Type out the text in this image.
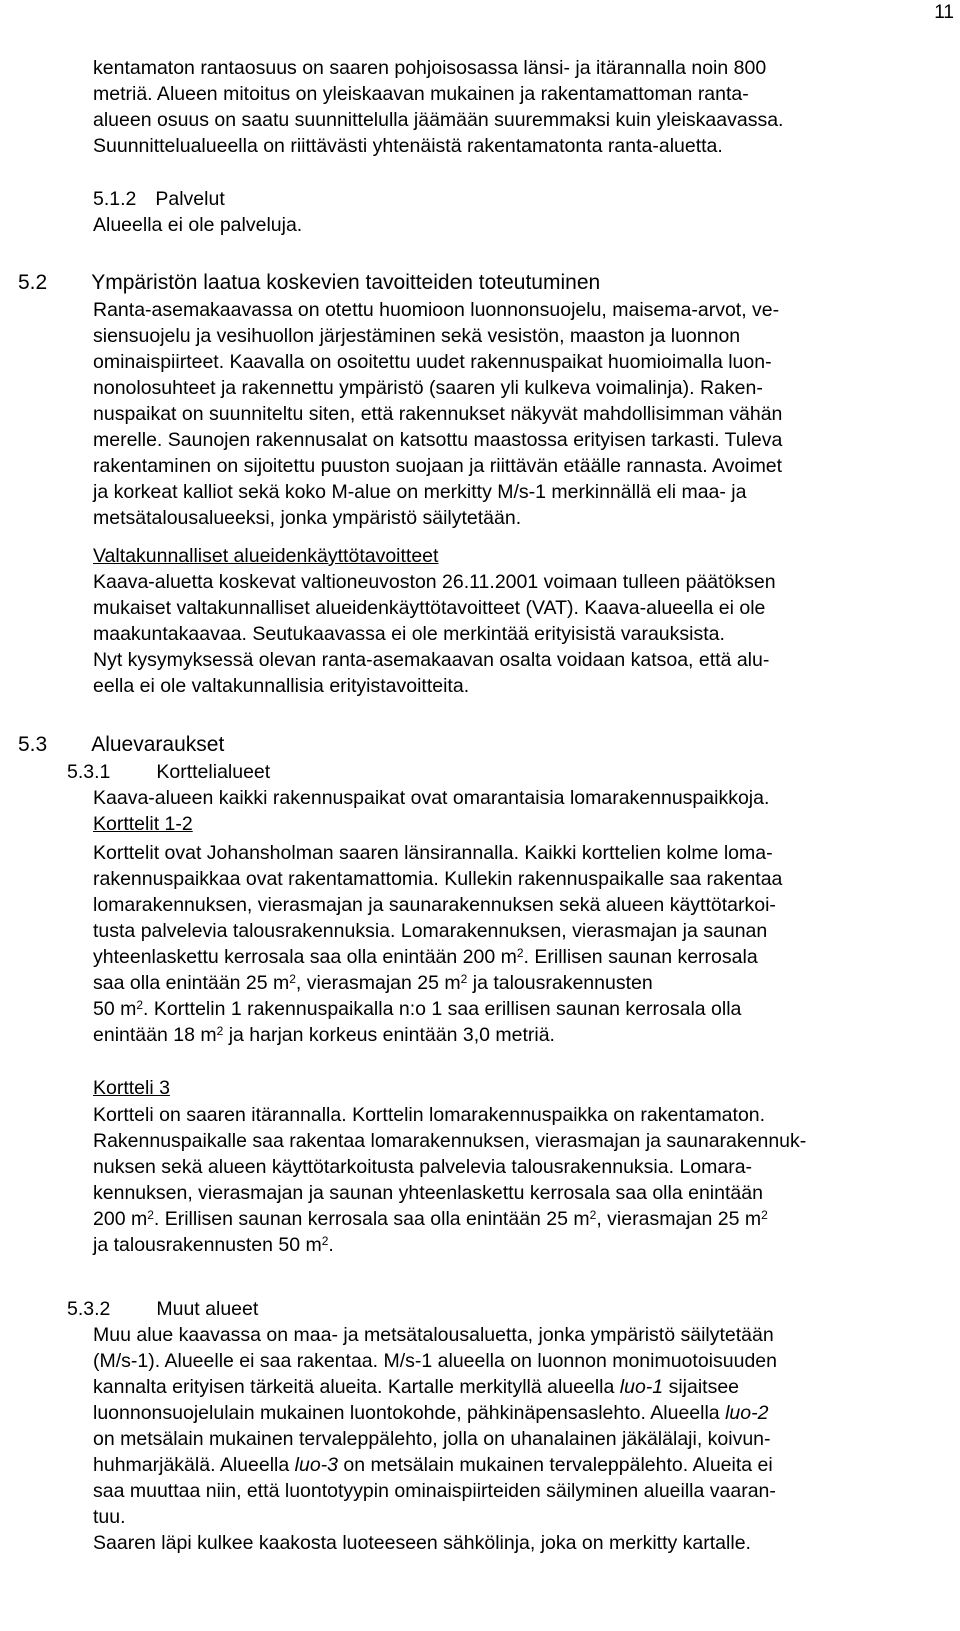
11
kentamaton rantaosuus on saaren pohjoisosassa länsi- ja itärannalla noin 800
metriä. Alueen mitoitus on yleiskaavan mukainen ja rakentamattoman ranta-
alueen osuus on saatu suunnittelulla jäämään suuremmaksi kuin yleiskaavassa.
Suunnittelualueella on riittävästi yhtenäistä rakentamatonta ranta-aluetta.
5.1.2 Palvelut
Alueella ei ole palveluja.
5.2 Ympäristön laatua koskevien tavoitteiden toteutuminen
Ranta-asemakaavassa on otettu huomioon luonnonsuojelu, maisema-arvot, ve-
siensuojelu ja vesihuollon järjestäminen sekä vesistön, maaston ja luonnon
ominaispiirteet. Kaavalla on osoitettu uudet rakennuspaikat huomioimalla luon-
nonolosuhteet ja rakennettu ympäristö (saaren yli kulkeva voimalinja). Raken-
nuspaikat on suunniteltu siten, että rakennukset näkyvät mahdollisimman vähän
merelle. Saunojen rakennusalat on katsottu maastossa erityisen tarkasti. Tuleva
rakentaminen on sijoitettu puuston suojaan ja riittävän etäälle rannasta. Avoimet
ja korkeat kalliot sekä koko M-alue on merkitty M/s-1 merkinnällä eli maa- ja
metsätalousalueeksi, jonka ympäristö säilytetään.
Valtakunnalliset alueidenkäyttötavoitteet
Kaava-aluetta koskevat valtioneuvoston 26.11.2001 voimaan tulleen päätöksen
mukaiset valtakunnalliset alueidenkäyttötavoitteet (VAT). Kaava-alueella ei ole
maakuntakaavaa. Seutukaavassa ei ole merkintää erityisistä varauksista.
Nyt kysymyksessä olevan ranta-asemakaavan osalta voidaan katsoa, että alu-
eella ei ole valtakunnallisia erityistavoitteita.
5.3 Aluevaraukset
5.3.1 Korttelialueet
Kaava-alueen kaikki rakennuspaikat ovat omarantaisia lomarakennuspaikkoja.
Korttelit 1-2
Korttelit ovat Johansholman saaren länsirannalla. Kaikki korttelien kolme loma-
rakennuspaikkaa ovat rakentamattomia. Kullekin rakennuspaikalle saa rakentaa
lomarakennuksen, vierasmajan ja saunarakennuksen sekä alueen käyttötarkoi-
tusta palvelevia talousrakennuksia. Lomarakennuksen, vierasmajan ja saunan
yhteenlaskettu kerrosala saa olla enintään 200 $m^2$. Erillisen saunan kerrosala
saa olla enintään 25 $m^2$, vierasmajan 25 $m^2$ ja talousrakennusten
50 $m^2$. Korttelin 1 rakennuspaikalla n:o 1 saa erillisen saunan kerrosala olla
enintään 18 $m^2$ ja harjan korkeus enintään 3,0 metriä.
Kortteli 3
Kortteli on saaren itärannalla. Korttelin lomarakennuspaikka on rakentamaton.
Rakennuspaikalle saa rakentaa lomarakennuksen, vierasmajan ja saunarakennuk-
nuksen sekä alueen käyttötarkoitusta palvelevia talousrakennuksia. Lomara-
kennuksen, vierasmajan ja saunan yhteenlaskettu kerrosala saa olla enintään
200 $m^2$. Erillisen saunan kerrosala saa olla enintään 25 $m^2$, vierasmajan 25 $m^2$
ja talousrakennusten 50 $m^2$.
5.3.2 Muut alueet
Muu alue kaavassa on maa- ja metsätalousaluetta, jonka ympäristö säilytetään
(M/s-1). Alueelle ei saa rakentaa. M/s-1 alueella on luonnon monimuotoisuuden
kannalta erityisen tärkeitä alueita. Kartalle merkityllä alueella luo-1 sijaitsee
luonnonsuojelulain mukainen luontokohde, pähkinäpensaslehto. Alueella luo-2
on metsälain mukainen tervaleppälehto, jolla on uhanalainen jäkälälaji, koivun-
huhmarjäkälä. Alueella luo-3 on metsälain mukainen tervaleppälehto. Alueita ei
saa muuttaa niin, että luontotyypin ominaispiirteiden säilyminen alueilla vaaran-
tuu.
Saaren läpi kulkee kaakosta luoteeseen sähkölinja, joka on merkitty kartalle.
